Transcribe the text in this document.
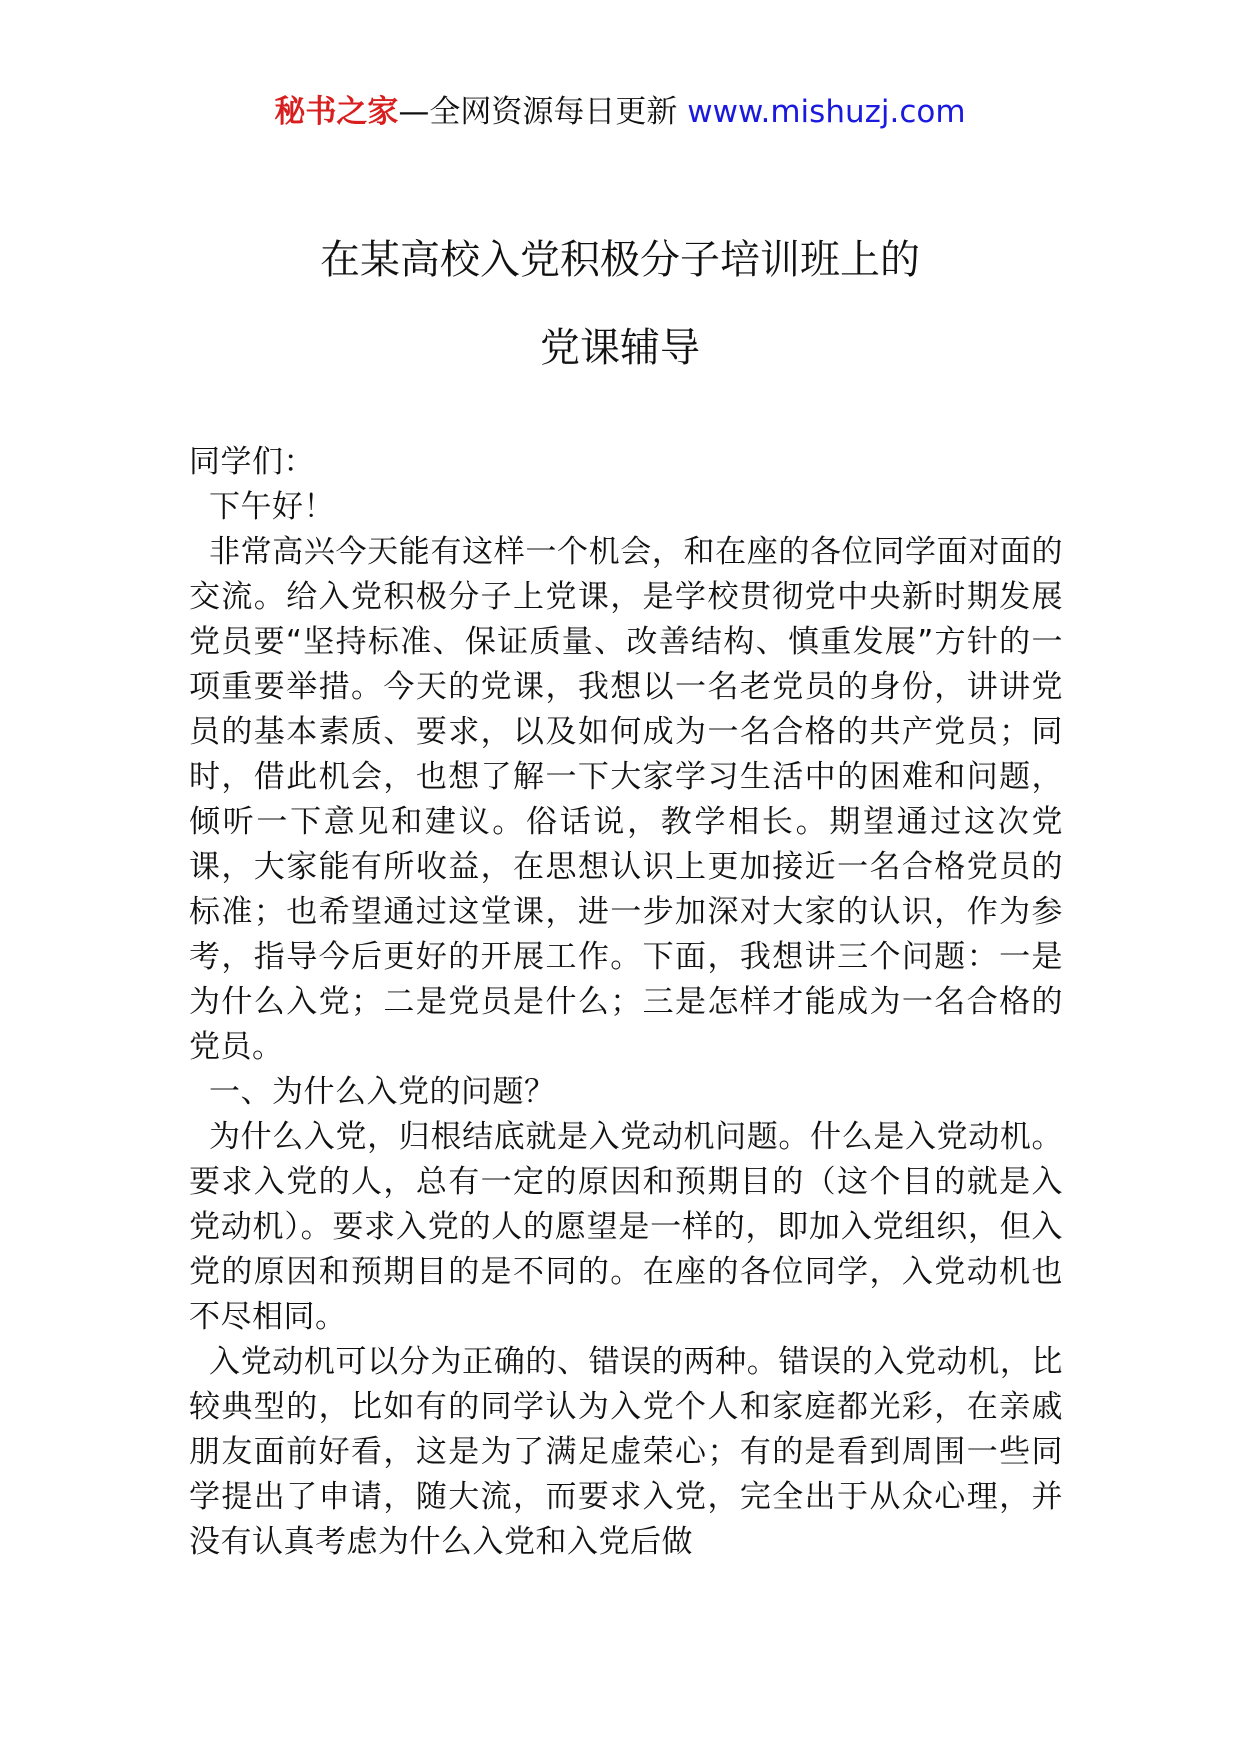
秘书之家—全网资源每日更新 www.mishuzj.com
在某高校入党积极分子培训班上的
党课辅导

同学们：

下午好！

非常高兴今天能有这样一个机会，和在座的各位同学面对面的交流。给入党积极分子上党课，是学校贯彻党中央新时期发展党员要“坚持标准、保证质量、改善结构、慎重发展”方针的一项重要举措。今天的党课，我想以一名老党员的身份，讲讲党员的基本素质、要求，以及如何成为一名合格的共产党员；同时，借此机会，也想了解一下大家学习生活中的困难和问题，倾听一下意见和建议。俗话说，教学相长。期望通过这次党课，大家能有所收益，在思想认识上更加接近一名合格党员的标准；也希望通过这堂课，进一步加深对大家的认识，作为参考，指导今后更好的开展工作。下面，我想讲三个问题：一是为什么入党；二是党员是什么；三是怎样才能成为一名合格的党员。

一、为什么入党的问题？

为什么入党，归根结底就是入党动机问题。什么是入党动机。要求入党的人，总有一定的原因和预期目的（这个目的就是入党动机）。要求入党的人的愿望是一样的，即加入党组织，但入党的原因和预期目的是不同的。在座的各位同学，入党动机也不尽相同。

入党动机可以分为正确的、错误的两种。错误的入党动机，比较典型的，比如有的同学认为入党个人和家庭都光彩，在亲戚朋友面前好看，这是为了满足虚荣心；有的是看到周围一些同学提出了申请，随大流，而要求入党，完全出于从众心理，并没有认真考虑为什么入党和入党后做
